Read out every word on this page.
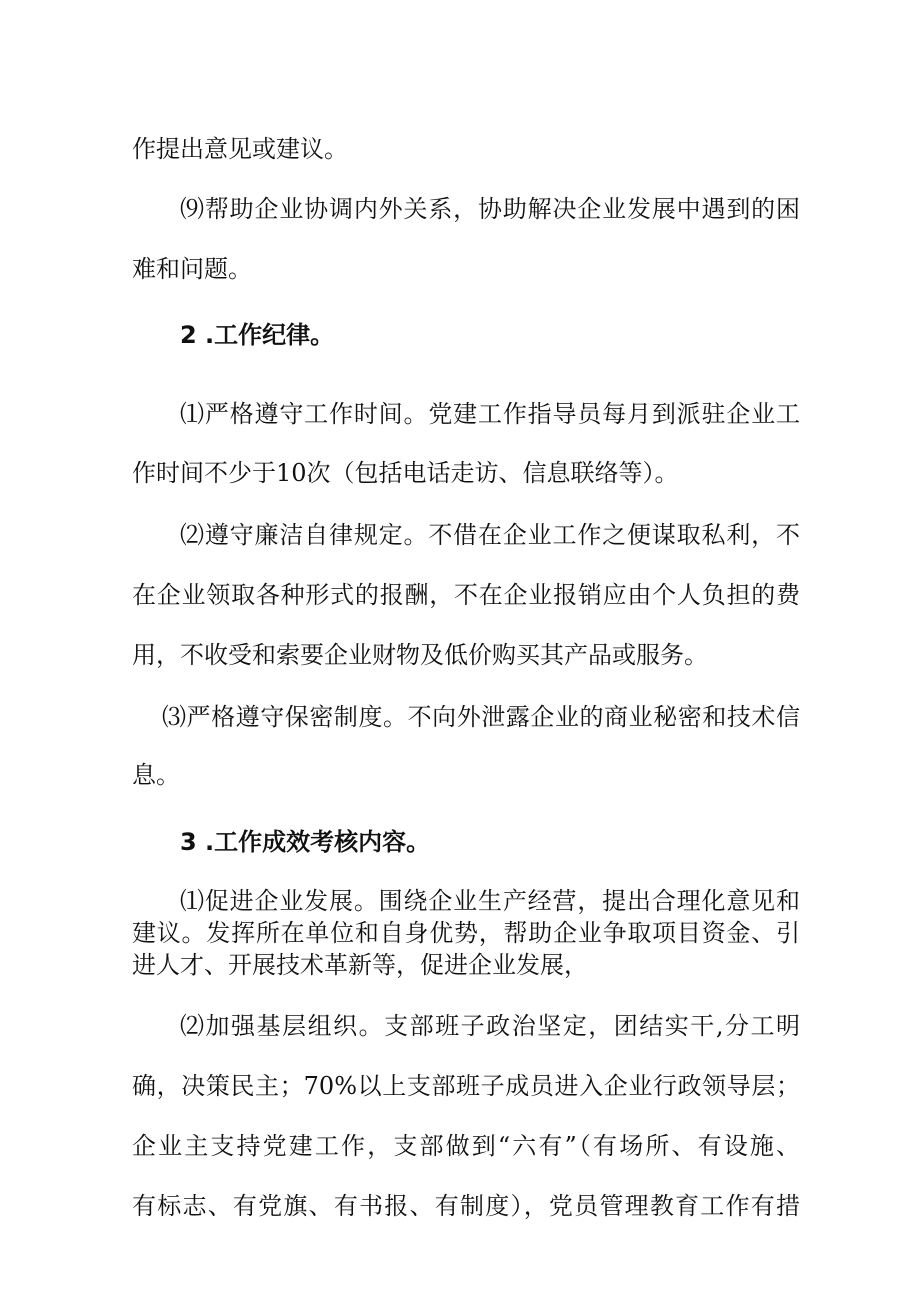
作提出意见或建议。
⑼帮助企业协调内外关系，协助解决企业发展中遇到的困
难和问题。
2 .工作纪律。
⑴严格遵守工作时间。党建工作指导员每月到派驻企业工
作时间不少于10次（包括电话走访、信息联络等）。
⑵遵守廉洁自律规定。不借在企业工作之便谋取私利，不
在企业领取各种形式的报酬，不在企业报销应由个人负担的费
用，不收受和索要企业财物及低价购买其产品或服务。
⑶严格遵守保密制度。不向外泄露企业的商业秘密和技术信
息。
3 .工作成效考核内容。
⑴促进企业发展。围绕企业生产经营，提出合理化意见和
建议。发挥所在单位和自身优势，帮助企业争取项目资金、引
进人才、开展技术革新等，促进企业发展，
⑵加强基层组织。支部班子政治坚定，团结实干,分工明
确，决策民主；70%以上支部班子成员进入企业行政领导层；
企业主支持党建工作，支部做到“六有”（有场所、有设施、
有标志、有党旗、有书报、有制度），党员管理教育工作有措
